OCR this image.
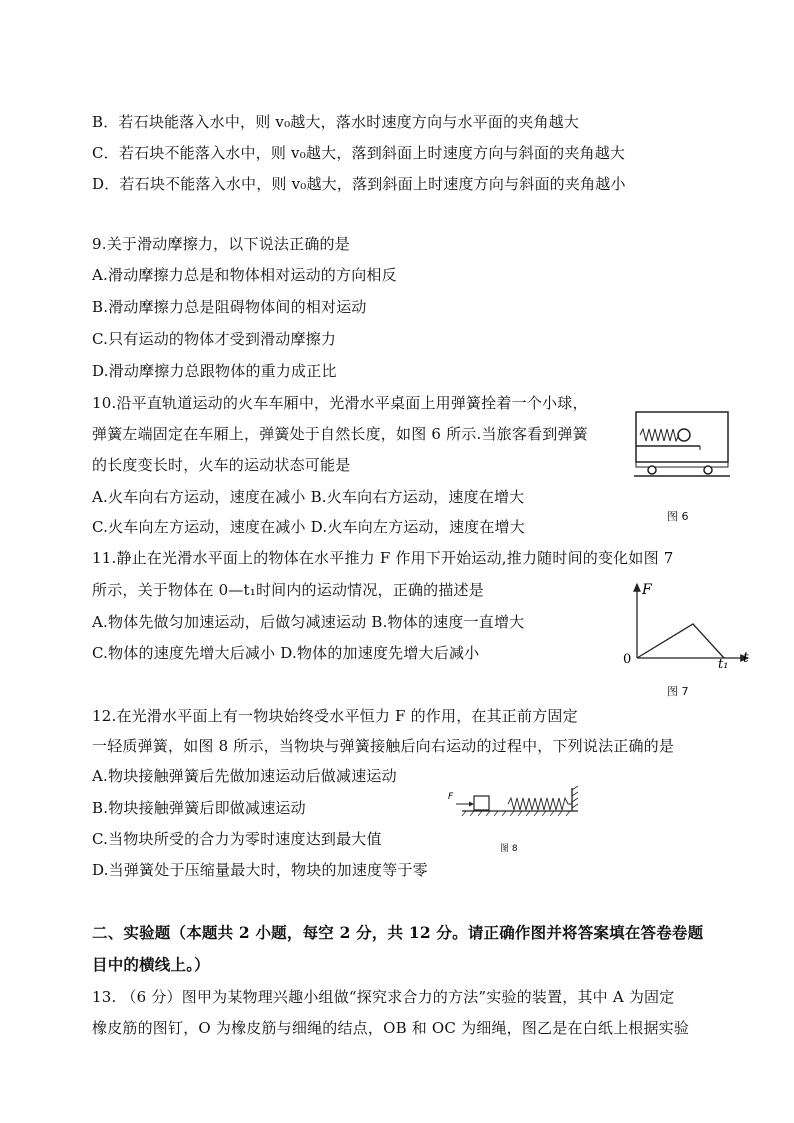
B．若石块能落入水中，则 v₀越大，落水时速度方向与水平面的夹角越大
C．若石块不能落入水中，则 v₀越大，落到斜面上时速度方向与斜面的夹角越大
D．若石块不能落入水中，则 v₀越大，落到斜面上时速度方向与斜面的夹角越小
9.关于滑动摩擦力，以下说法正确的是
A.滑动摩擦力总是和物体相对运动的方向相反
B.滑动摩擦力总是阻碍物体间的相对运动
C.只有运动的物体才受到滑动摩擦力
D.滑动摩擦力总跟物体的重力成正比
10.沿平直轨道运动的火车车厢中，光滑水平桌面上用弹簧拴着一个小球，
弹簧左端固定在车厢上，弹簧处于自然长度，如图 6 所示.当旅客看到弹簧
的长度变长时，火车的运动状态可能是
A.火车向右方运动，速度在减小 B.火车向右方运动，速度在增大
C.火车向左方运动，速度在减小 D.火车向左方运动，速度在增大
11.静止在光滑水平面上的物体在水平推力 F 作用下开始运动,推力随时间的变化如图 7
所示，关于物体在 0—t₁时间内的运动情况，正确的描述是
A.物体先做匀加速运动，后做匀减速运动 B.物体的速度一直增大
C.物体的速度先增大后减小 D.物体的加速度先增大后减小
12.在光滑水平面上有一物块始终受水平恒力 F 的作用，在其正前方固定
一轻质弹簧，如图 8 所示，当物块与弹簧接触后向右运动的过程中，下列说法正确的是
A.物块接触弹簧后先做加速运动后做减速运动
B.物块接触弹簧后即做减速运动
C.当物块所受的合力为零时速度达到最大值
D.当弹簧处于压缩量最大时，物块的加速度等于零
二、实验题（本题共 2 小题，每空 2 分，共 12 分。请正确作图并将答案填在答卷卷题
目中的横线上。）
13. （6 分）图甲为某物理兴趣小组做“探究求合力的方法”实验的装置，其中 A 为固定
橡皮筋的图钉，O 为橡皮筋与细绳的结点，OB 和 OC 为细绳，图乙是在白纸上根据实验
图 6
F
t
0	t₁
图 7
F
图 8
